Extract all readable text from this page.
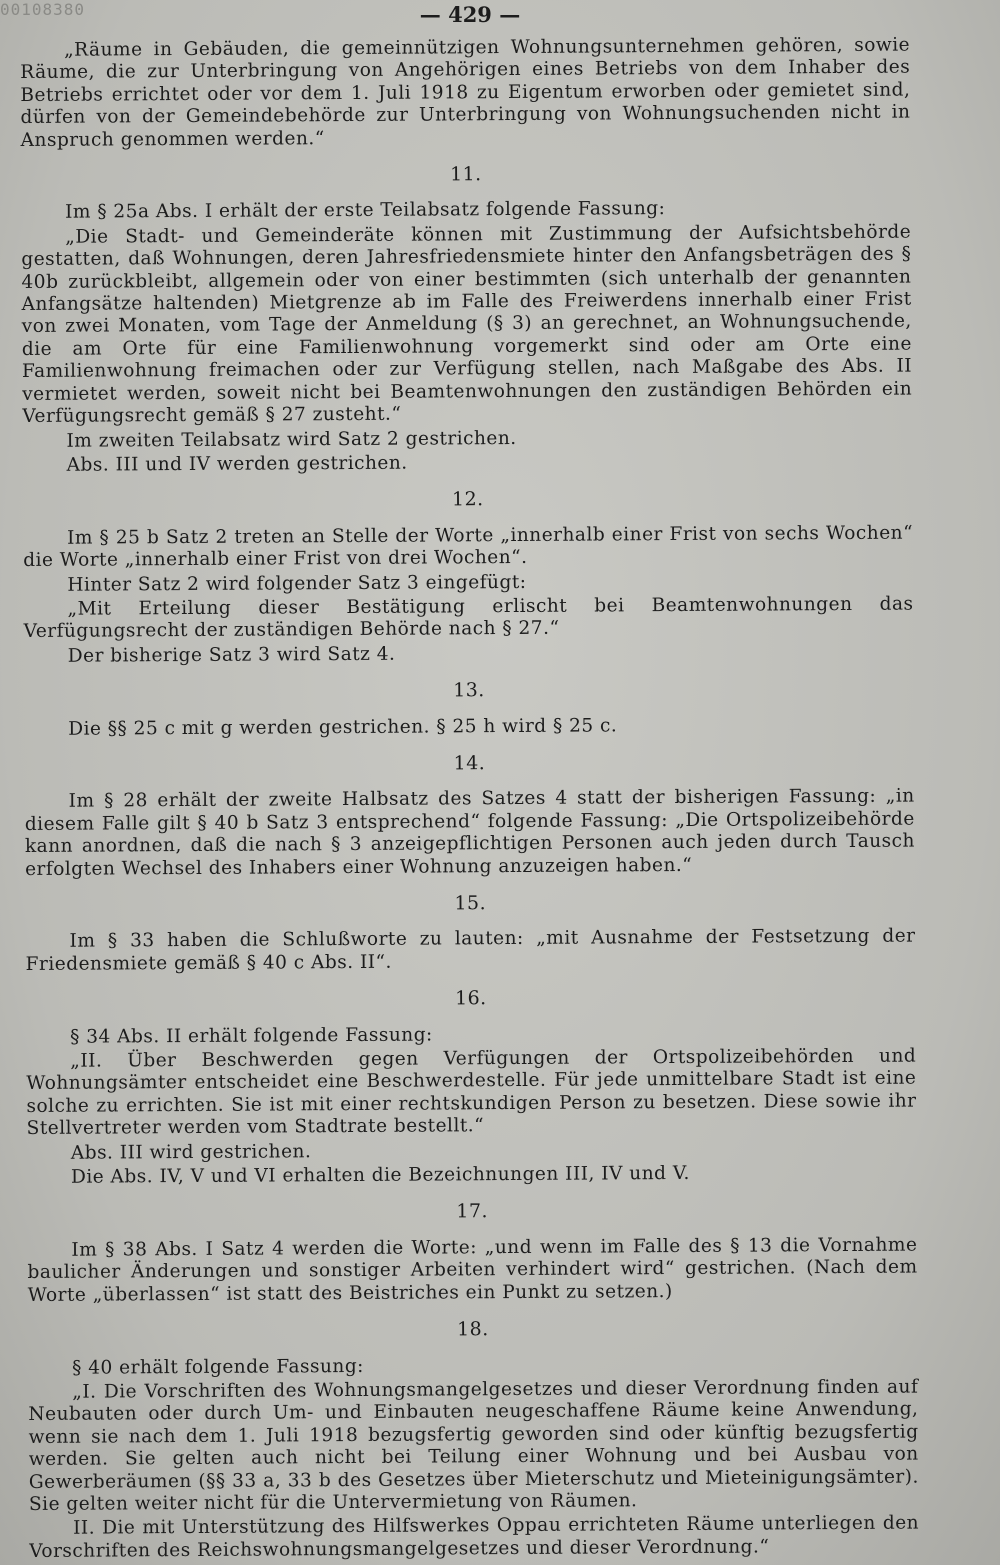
00108380	— 429 —

„Räume in Gebäuden, die gemeinnützigen Wohnungsunternehmen gehören, sowie Räume, die zur Unterbringung von Angehörigen eines Betriebs von dem Inhaber des Betriebs errichtet oder vor dem 1. Juli 1918 zu Eigentum erworben oder gemietet sind, dürfen von der Gemeindebehörde zur Unterbringung von Wohnungsuchenden nicht in Anspruch genommen werden.“

11.

Im § 25a Abs. I erhält der erste Teilabsatz folgende Fassung:

„Die Stadt- und Gemeinderäte können mit Zustimmung der Aufsichtsbehörde gestatten, daß Wohnungen, deren Jahresfriedensmiete hinter den Anfangsbeträgen des § 40b zurückbleibt, allgemein oder von einer bestimmten (sich unterhalb der genannten Anfangsätze haltenden) Mietgrenze ab im Falle des Freiwerdens innerhalb einer Frist von zwei Monaten, vom Tage der Anmeldung (§ 3) an gerechnet, an Wohnungsuchende, die am Orte für eine Familienwohnung vorgemerkt sind oder am Orte eine Familienwohnung freimachen oder zur Verfügung stellen, nach Maßgabe des Abs. II vermietet werden, soweit nicht bei Beamtenwohnungen den zuständigen Behörden ein Verfügungsrecht gemäß § 27 zusteht.“

Im zweiten Teilabsatz wird Satz 2 gestrichen.

Abs. III und IV werden gestrichen.

12.

Im § 25 b Satz 2 treten an Stelle der Worte „innerhalb einer Frist von sechs Wochen“ die Worte „innerhalb einer Frist von drei Wochen“.

Hinter Satz 2 wird folgender Satz 3 eingefügt:

„Mit Erteilung dieser Bestätigung erlischt bei Beamtenwohnungen das Verfügungsrecht der zuständigen Behörde nach § 27.“

Der bisherige Satz 3 wird Satz 4.

13.

Die §§ 25 c mit g werden gestrichen. § 25 h wird § 25 c.

14.

Im § 28 erhält der zweite Halbsatz des Satzes 4 statt der bisherigen Fassung: „in diesem Falle gilt § 40 b Satz 3 entsprechend“ folgende Fassung: „Die Ortspolizeibehörde kann anordnen, daß die nach § 3 anzeigepflichtigen Personen auch jeden durch Tausch erfolgten Wechsel des Inhabers einer Wohnung anzuzeigen haben.“

15.

Im § 33 haben die Schlußworte zu lauten: „mit Ausnahme der Festsetzung der Friedensmiete gemäß § 40 c Abs. II“.

16.

§ 34 Abs. II erhält folgende Fassung:

„II. Über Beschwerden gegen Verfügungen der Ortspolizeibehörden und Wohnungsämter entscheidet eine Beschwerdestelle. Für jede unmittelbare Stadt ist eine solche zu errichten. Sie ist mit einer rechtskundigen Person zu besetzen. Diese sowie ihr Stellvertreter werden vom Stadtrate bestellt.“

Abs. III wird gestrichen.

Die Abs. IV, V und VI erhalten die Bezeichnungen III, IV und V.

17.

Im § 38 Abs. I Satz 4 werden die Worte: „und wenn im Falle des § 13 die Vornahme baulicher Änderungen und sonstiger Arbeiten verhindert wird“ gestrichen. (Nach dem Worte „überlassen“ ist statt des Beistriches ein Punkt zu setzen.)

18.

§ 40 erhält folgende Fassung:

„I. Die Vorschriften des Wohnungsmangelgesetzes und dieser Verordnung finden auf Neubauten oder durch Um- und Einbauten neugeschaffene Räume keine Anwendung, wenn sie nach dem 1. Juli 1918 bezugsfertig geworden sind oder künftig bezugsfertig werden. Sie gelten auch nicht bei Teilung einer Wohnung und bei Ausbau von Gewerberäumen (§§ 33 a, 33 b des Gesetzes über Mieterschutz und Mieteinigungsämter). Sie gelten weiter nicht für die Untervermietung von Räumen.

II. Die mit Unterstützung des Hilfswerkes Oppau errichteten Räume unterliegen den Vorschriften des Reichswohnungsmangelgesetzes und dieser Verordnung.“
